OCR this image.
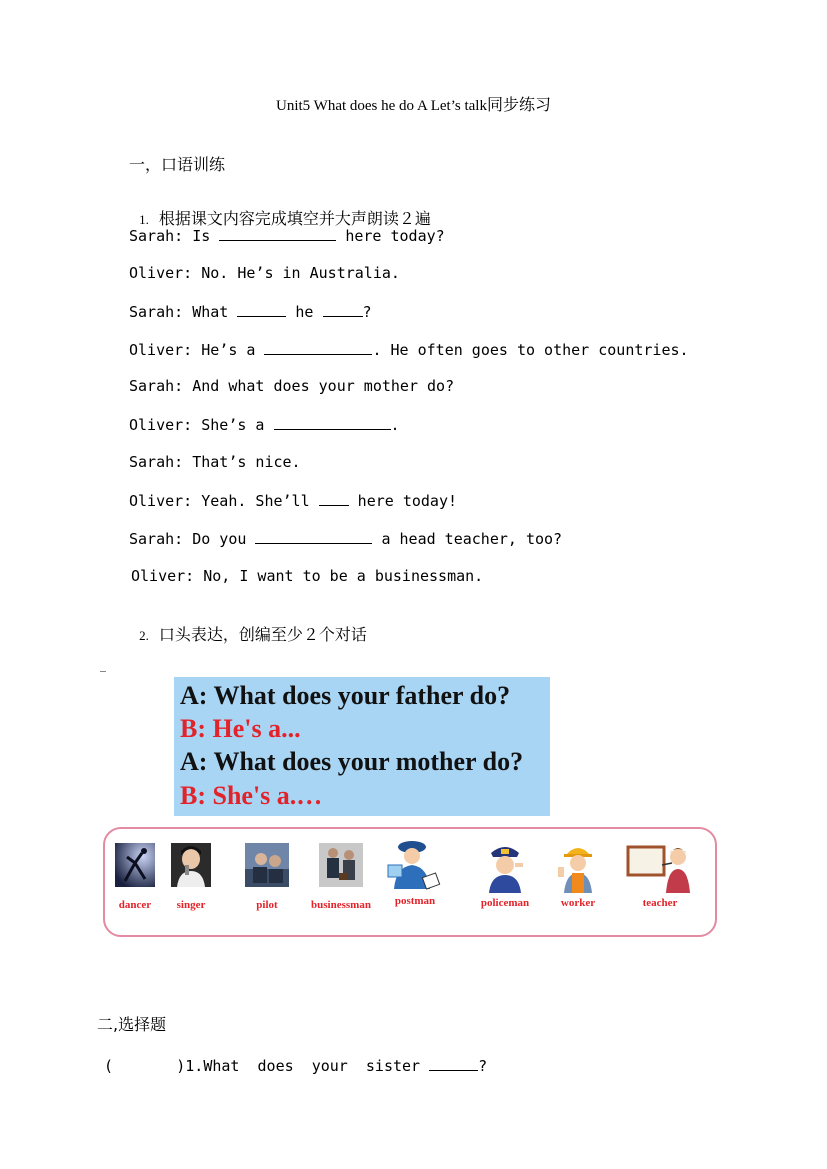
Unit5 What does he do A Let’s talk同步练习
一，口语训练

1. 根据课文内容完成填空并大声朗读２遍

Sarah: Is	here today?
Oliver: No. He’s in Australia.
Sarah: What	he	?
Oliver: He’s a	. He often goes to other countries.
Sarah: And what does your mother do?
Oliver: She’s a	.
Sarah: That’s nice.
Oliver: Yeah. She’ll  here today!
Sarah: Do you	a head teacher, too?
Oliver: No, I want to be a businessman.

2. 口头表达，创编至少２个对话

A: What does your father do?
B: He's a...
A: What does your mother do?
B: She's a.…
dancer	singer	pilot	businessman	postman	policeman	worker	teacher
二,选择题
(       )1.What  does  your  sister	?
